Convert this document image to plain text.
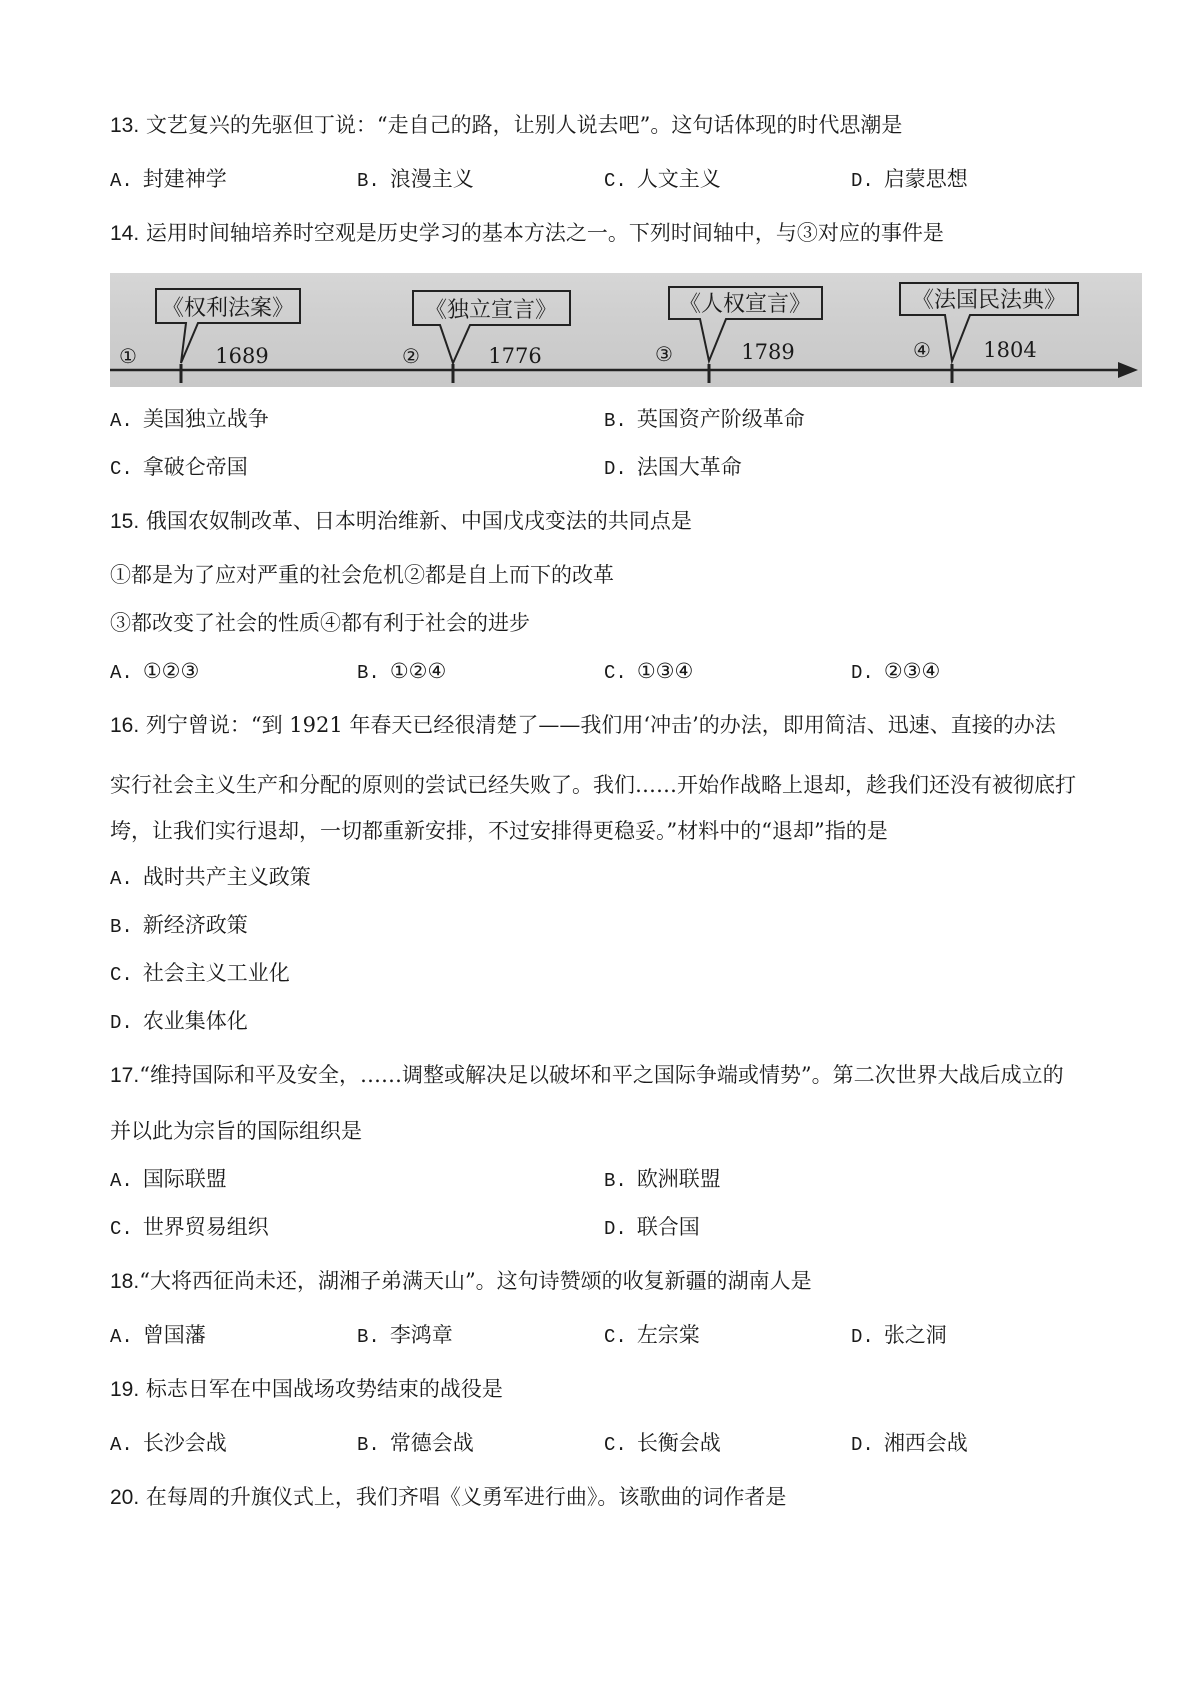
13. 文艺复兴的先驱但丁说：“走自己的路，让别人说去吧”。这句话体现的时代思潮是
A. 封建神学	B. 浪漫主义	C. 人文主义	D. 启蒙思想
14. 运用时间轴培养时空观是历史学习的基本方法之一。下列时间轴中，与③对应的事件是
《权利法案》
①	1689
《独立宣言》
②	1776
《人权宣言》
③	1789
《法国民法典》
④ 1804
A. 美国独立战争	B. 英国资产阶级革命
C. 拿破仑帝国	D. 法国大革命
15. 俄国农奴制改革、日本明治维新、中国戊戌变法的共同点是
①都是为了应对严重的社会危机②都是自上而下的改革
③都改变了社会的性质④都有利于社会的进步
A. ①②③	B. ①②④	C. ①③④	D. ②③④
16. 列宁曾说：“到 1921 年春天已经很清楚了——我们用‘冲击’的办法，即用简洁、迅速、直接的办法
实行社会主义生产和分配的原则的尝试已经失败了。我们……开始作战略上退却，趁我们还没有被彻底打
垮，让我们实行退却，一切都重新安排，不过安排得更稳妥。”材料中的“退却”指的是
A. 战时共产主义政策
B. 新经济政策
C. 社会主义工业化
D. 农业集体化
17.“维持国际和平及安全，……调整或解决足以破坏和平之国际争端或情势”。第二次世界大战后成立的
并以此为宗旨的国际组织是
A. 国际联盟	B. 欧洲联盟
C. 世界贸易组织	D. 联合国
18.“大将西征尚未还，湖湘子弟满天山”。这句诗赞颂的收复新疆的湖南人是
A. 曾国藩	B. 李鸿章	C. 左宗棠	D. 张之洞
19. 标志日军在中国战场攻势结束的战役是
A. 长沙会战	B. 常德会战	C. 长衡会战	D. 湘西会战
20. 在每周的升旗仪式上，我们齐唱《义勇军进行曲》。该歌曲的词作者是
